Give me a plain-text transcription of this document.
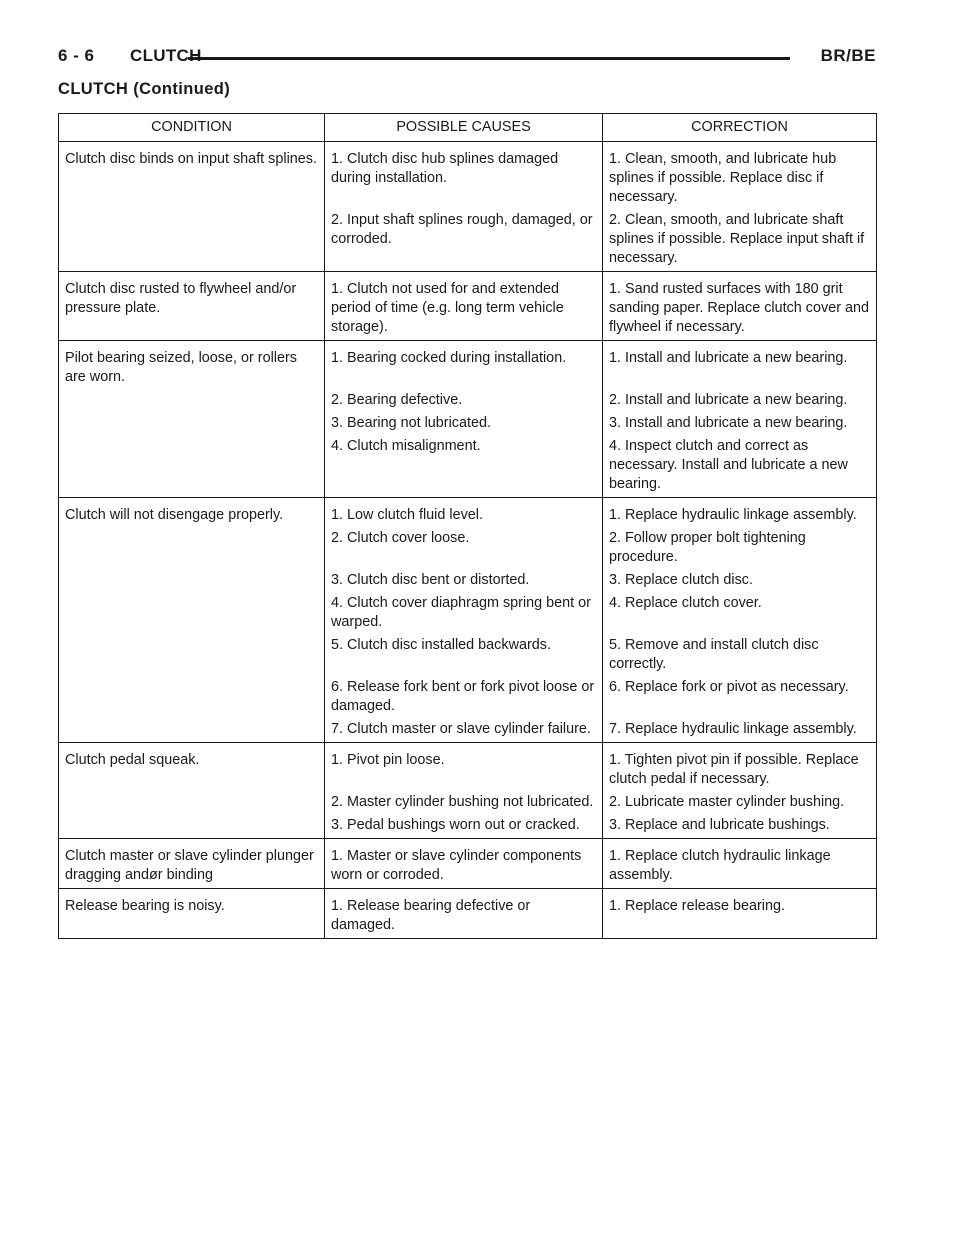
6 - 6 CLUTCH	BR/BE
CLUTCH (Continued)
CONDITION	POSSIBLE CAUSES	CORRECTION
Clutch disc binds on input shaft splines.	1. Clutch disc hub splines damaged during installation.	1. Clean, smooth, and lubricate hub splines if possible. Replace disc if necessary.
	2. Input shaft splines rough, damaged, or corroded.	2. Clean, smooth, and lubricate shaft splines if possible. Replace input shaft if necessary.
Clutch disc rusted to flywheel and/or pressure plate.	1. Clutch not used for and extended period of time (e.g. long term vehicle storage).	1. Sand rusted surfaces with 180 grit sanding paper. Replace clutch cover and flywheel if necessary.
Pilot bearing seized, loose, or rollers are worn.	1. Bearing cocked during installation.	1. Install and lubricate a new bearing.
	2. Bearing defective.	2. Install and lubricate a new bearing.
	3. Bearing not lubricated.	3. Install and lubricate a new bearing.
	4. Clutch misalignment.	4. Inspect clutch and correct as necessary. Install and lubricate a new bearing.
Clutch will not disengage properly.	1. Low clutch fluid level.	1. Replace hydraulic linkage assembly.
	2. Clutch cover loose.	2. Follow proper bolt tightening procedure.
	3. Clutch disc bent or distorted.	3. Replace clutch disc.
	4. Clutch cover diaphragm spring bent or warped.	4. Replace clutch cover.
	5. Clutch disc installed backwards.	5. Remove and install clutch disc correctly.
	6. Release fork bent or fork pivot loose or damaged.	6. Replace fork or pivot as necessary.
	7. Clutch master or slave cylinder failure.	7. Replace hydraulic linkage assembly.
Clutch pedal squeak.	1. Pivot pin loose.	1. Tighten pivot pin if possible. Replace clutch pedal if necessary.
	2. Master cylinder bushing not lubricated.	2. Lubricate master cylinder bushing.
	3. Pedal bushings worn out or cracked.	3. Replace and lubricate bushings.
Clutch master or slave cylinder plunger dragging andør binding	1. Master or slave cylinder components worn or corroded.	1. Replace clutch hydraulic linkage assembly.
Release bearing is noisy.	1. Release bearing defective or damaged.	1. Replace release bearing.
